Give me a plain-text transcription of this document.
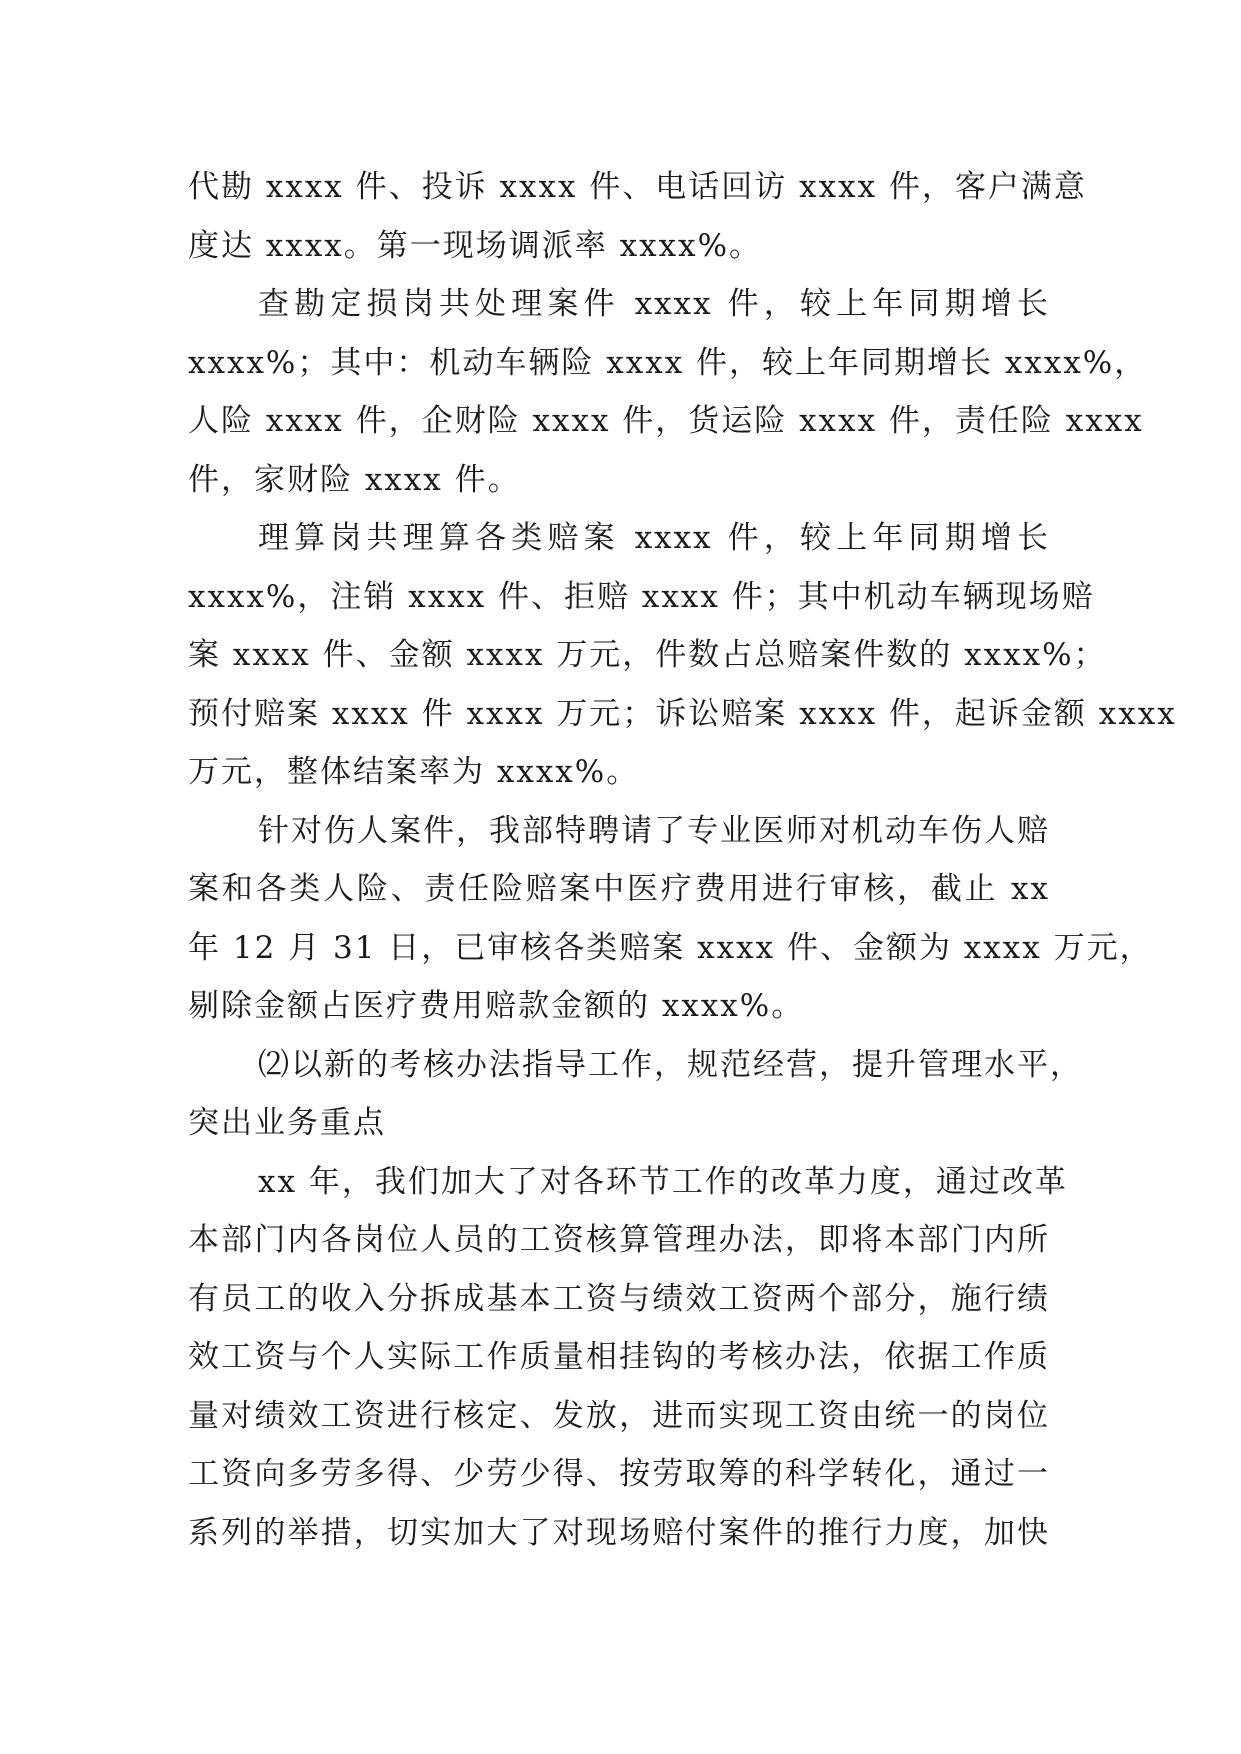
代勘 xxxx 件、投诉 xxxx 件、电话回访 xxxx 件，客户满意
度达 xxxx。第一现场调派率 xxxx%。
查勘定损岗共处理案件 xxxx 件，较上年同期增长
xxxx%；其中：机动车辆险 xxxx 件，较上年同期增长 xxxx%，
人险 xxxx 件，企财险 xxxx 件，货运险 xxxx 件，责任险 xxxx
件，家财险 xxxx 件。
理算岗共理算各类赔案 xxxx 件，较上年同期增长
xxxx%，注销 xxxx 件、拒赔 xxxx 件；其中机动车辆现场赔
案 xxxx 件、金额 xxxx 万元，件数占总赔案件数的 xxxx%；
预付赔案 xxxx 件 xxxx 万元；诉讼赔案 xxxx 件，起诉金额 xxxx
万元，整体结案率为 xxxx%。
针对伤人案件，我部特聘请了专业医师对机动车伤人赔
案和各类人险、责任险赔案中医疗费用进行审核，截止 xx
年 12 月 31 日，已审核各类赔案 xxxx 件、金额为 xxxx 万元，
剔除金额占医疗费用赔款金额的 xxxx%。
⑵以新的考核办法指导工作，规范经营，提升管理水平，
突出业务重点
xx 年，我们加大了对各环节工作的改革力度，通过改革
本部门内各岗位人员的工资核算管理办法，即将本部门内所
有员工的收入分拆成基本工资与绩效工资两个部分，施行绩
效工资与个人实际工作质量相挂钩的考核办法，依据工作质
量对绩效工资进行核定、发放，进而实现工资由统一的岗位
工资向多劳多得、少劳少得、按劳取筹的科学转化，通过一
系列的举措，切实加大了对现场赔付案件的推行力度，加快
